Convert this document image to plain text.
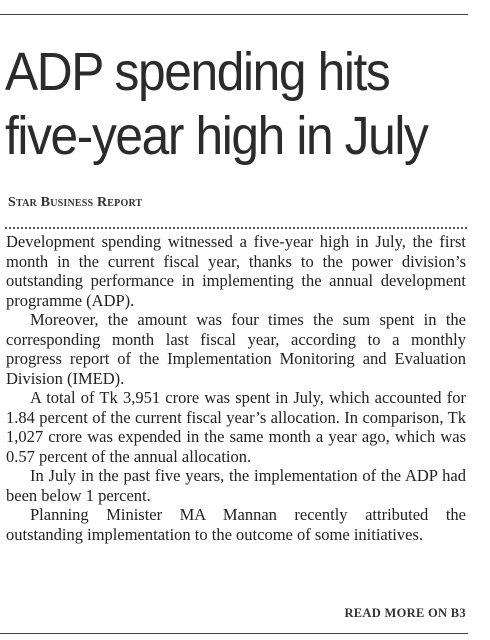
ADP spending hits
five-year high in July
Star Business Report

Development spending witnessed a five-year high in July, the first month in the current fiscal year, thanks to the power division’s outstanding performance in implementing the annual development programme (ADP).

Moreover, the amount was four times the sum spent in the corresponding month last fiscal year, according to a monthly progress report of the Implementation Monitoring and Evaluation Division (IMED).

A total of Tk 3,951 crore was spent in July, which accounted for 1.84 percent of the current fiscal year’s allocation. In comparison, Tk 1,027 crore was expended in the same month a year ago, which was 0.57 percent of the annual allocation.

In July in the past five years, the implementation of the ADP had been below 1 percent.

Planning Minister MA Mannan recently attributed the outstanding implementation to the outcome of some initiatives.

READ MORE ON B3
